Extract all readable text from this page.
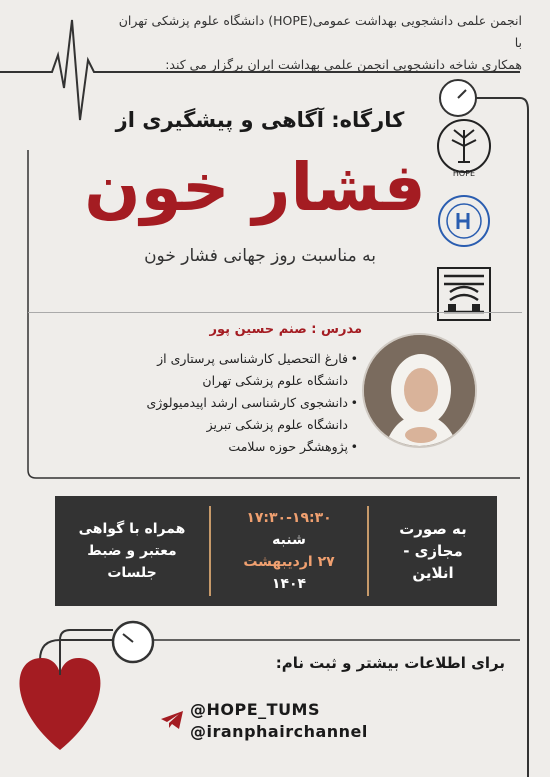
انجمن علمی دانشجویی بهداشت عمومی(HOPE) دانشگاه علوم پزشکی تهران با
همکاری شاخه دانشجویی انجمن علمی بهداشت ایران برگزار می کند:
کارگاه: آگاهی و پیشگیری از
فشار خون
به مناسبت روز جهانی فشار خون
HOPE
مدرس : صنم حسین پور
• فارغ التحصیل کارشناسی پرستاری از دانشگاه علوم پزشکی تهران
• دانشجوی کارشناسی ارشد اپیدمیولوژی دانشگاه علوم پزشکی تبریز
• پژوهشگر حوزه سلامت
به صورت
مجازی -
انلاین
۱۷:۳۰-۱۹:۳۰
شنبه
۲۷ اردیبهشت
۱۴۰۴
همراه با گواهی
معتبر و ضبط
جلسات
برای اطلاعات بیشتر و ثبت نام:
@HOPE_TUMS
@iranphairchannel
